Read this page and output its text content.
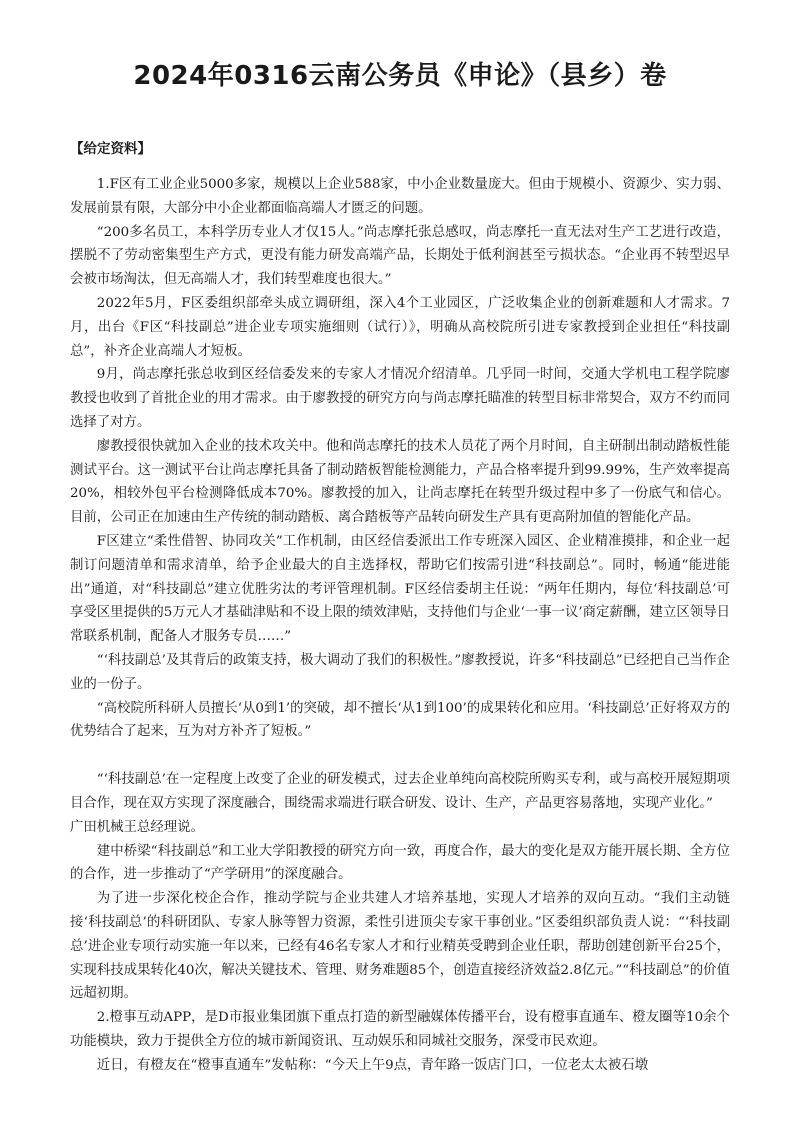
2024年0316云南公务员《申论》（县乡）卷
【给定资料】

1.F区有工业企业5000多家，规模以上企业588家，中小企业数量庞大。但由于规模小、资源少、实力弱、发展前景有限，大部分中小企业都面临高端人才匮乏的问题。

“200多名员工，本科学历专业人才仅15人。”尚志摩托张总感叹，尚志摩托一直无法对生产工艺进行改造，摆脱不了劳动密集型生产方式，更没有能力研发高端产品，长期处于低利润甚至亏损状态。“企业再不转型迟早会被市场淘汰，但无高端人才，我们转型难度也很大。”

2022年5月，F区委组织部牵头成立调研组，深入4个工业园区，广泛收集企业的创新难题和人才需求。7月，出台《F区“科技副总”进企业专项实施细则（试行）》，明确从高校院所引进专家教授到企业担任“科技副总”，补齐企业高端人才短板。

9月，尚志摩托张总收到区经信委发来的专家人才情况介绍清单。几乎同一时间，交通大学机电工程学院廖教授也收到了首批企业的用才需求。由于廖教授的研究方向与尚志摩托瞄准的转型目标非常契合，双方不约而同选择了对方。

廖教授很快就加入企业的技术攻关中。他和尚志摩托的技术人员花了两个月时间，自主研制出制动踏板性能测试平台。这一测试平台让尚志摩托具备了制动踏板智能检测能力，产品合格率提升到99.99%，生产效率提高20%，相较外包平台检测降低成本70%。廖教授的加入，让尚志摩托在转型升级过程中多了一份底气和信心。目前，公司正在加速由生产传统的制动踏板、离合踏板等产品转向研发生产具有更高附加值的智能化产品。

F区建立“柔性借智、协同攻关”工作机制，由区经信委派出工作专班深入园区、企业精准摸排，和企业一起制订问题清单和需求清单，给予企业最大的自主选择权，帮助它们按需引进“科技副总”。同时，畅通“能进能出”通道，对“科技副总”建立优胜劣汰的考评管理机制。F区经信委胡主任说：“两年任期内，每位‘科技副总’可享受区里提供的5万元人才基础津贴和不设上限的绩效津贴，支持他们与企业‘一事一议’商定薪酬，建立区领导日常联系机制，配备人才服务专员……”

“‘科技副总’及其背后的政策支持，极大调动了我们的积极性。”廖教授说，许多“科技副总”已经把自己当作企业的一份子。

“高校院所科研人员擅长‘从0到1’的突破，却不擅长‘从1到100’的成果转化和应用。‘科技副总’正好将双方的优势结合了起来，互为对方补齐了短板。”

“‘科技副总’在一定程度上改变了企业的研发模式，过去企业单纯向高校院所购买专利，或与高校开展短期项目合作，现在双方实现了深度融合，围绕需求端进行联合研发、设计、生产，产品更容易落地，实现产业化。”

广田机械王总经理说。

建中桥梁“科技副总”和工业大学阳教授的研究方向一致，再度合作，最大的变化是双方能开展长期、全方位的合作，进一步推动了“产学研用”的深度融合。

为了进一步深化校企合作，推动学院与企业共建人才培养基地，实现人才培养的双向互动。“我们主动链接‘科技副总’的科研团队、专家人脉等智力资源，柔性引进顶尖专家干事创业。”区委组织部负责人说：“‘科技副总’进企业专项行动实施一年以来，已经有46名专家人才和行业精英受聘到企业任职，帮助创建创新平台25个，实现科技成果转化40次，解决关键技术、管理、财务难题85个，创造直接经济效益2.8亿元。”“科技副总”的价值远超初期。

2.橙事互动APP，是D市报业集团旗下重点打造的新型融媒体传播平台，设有橙事直通车、橙友圈等10余个功能模块，致力于提供全方位的城市新闻资讯、互动娱乐和同城社交服务，深受市民欢迎。

近日，有橙友在“橙事直通车”发帖称：“今天上午9点，青年路一饭店门口，一位老太太被石墩
